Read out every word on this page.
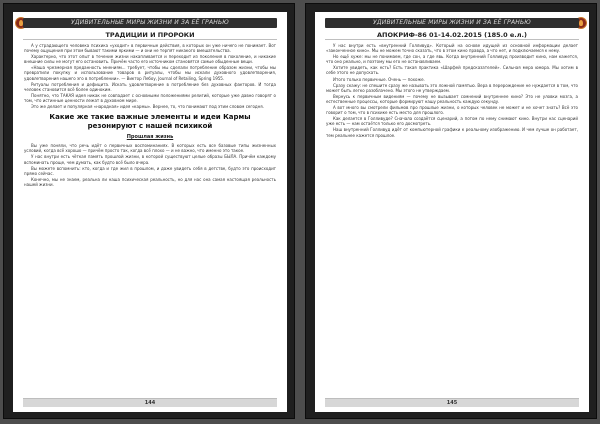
УДИВИТЕЛЬНЫЕ МИРЫ ЖИЗНИ И ЗА ЕЁ ГРАНЬЮ
ТРАДИЦИИ И ПРОРОКИ

А у страдающего человека психика «уходит» в первичные действия, в которых он уже ничего не понимает. Вот почему ощущения при этом бывают такими яркими — и они не терпят никакого вмешательства.

Характерно, что этот опыт в течение жизни накапливается и переходит из поколения в поколение, и никакие внешние силы не могут его остановить. Причём часто его источником становятся самые обыденные вещи.

«Наша чрезмерная преданность мнениям... требует, чтобы мы сделали потребление образом жизни, чтобы мы превратили покупку и использование товаров в ритуалы, чтобы мы искали духовного удовлетворения, удовлетворения нашего эго в потреблении». — Виктор Лебоу, Journal of Retailing, Spring 1955.

Ритуалы потребления и дефицита. Искать удовлетворение в потребление без духовных факторов. И тогда человек становится всё более одиноким.

Понятно, что ТАКАЯ идея никак не совпадает с основными положениями религий, которые уже давно говорят о том, что истинные ценности лежат в духовном мире.

Это же делает и популярная «народная» идея «кармы». Вернее, то, что понимают под этим словом сегодня.

Какие же такие важные элементы и идеи Кармы резонируют с нашей психикой
Прошлая жизнь

Вы уже поняли, что речь идёт о первичных воспоминаниях. В которых есть все базовые типы жизненных условий, когда всё хорошо — причём просто так, когда всё плохо — и не важно, что именно это такое.

У нас внутри есть чёткая память прошлой жизни, в которой существуют целые образы БЫЛА. Причём каждому вспоминать проще, чем думать, как будто всё было вчера.

Вы можете вспомнить: кто, когда и где жил в прошлом, и даже увидеть себя в детстве, будто это происходит прямо сейчас.

Конечно, мы не знаем, реальна ли наша психическая реальность, но для нас она самая настоящая реальность нашей жизни.

144
УДИВИТЕЛЬНЫЕ МИРЫ ЖИЗНИ И ЗА ЕЁ ГРАНЬЮ
АПОКРИФ-86 01-14.02.2015 (185.0 е.л.)

У нас внутри есть «внутренний Голливуд». Который на основе идущей из основной информации делает «законченное кино». Мы не можем точно сказать, что в этом кино правда, а что нет, и подключаемся к нему.

Но ещё хуже: мы не понимаем, где сон, а где явь. Когда внутренний Голливуд производит кино, нам кажется, что оно реально, и поэтому мы его не останавливаем.

Хотите увидеть, как есть? Есть такая практика «Шарфей предсказателей». Сильная мера юмора. Мы хотим в себе этого не допускать.

Итого только первичные. Очень — похоже.

Сразу скажу: не спешите сразу же называть это ложной памятью. Вера в перерождение не нуждается в том, что может быть легко разоблачено. Мы этого не утверждаем.

Вернусь к первичным видениям — почему не вызывает сомнений внутреннее кино? Это не уловки мозга, а естественные процессы, которые формируют нашу реальность каждую секунду.

А вот много вы смотрели фильмов про прошлые жизни, о которых человек не может и не хочет знать? Всё это говорит о том, что в психике есть место для прошлого.

Как делается в Голливуде? Сначала создаётся сценарий, а потом по нему снимают кино. Внутри нас сценарий уже есть — нам остаётся только его досмотреть.

Наш внутренний Голливуд идёт от компьютерной графики к реальному изображению. И чем лучше он работает, тем реальнее кажется прошлое.

145
